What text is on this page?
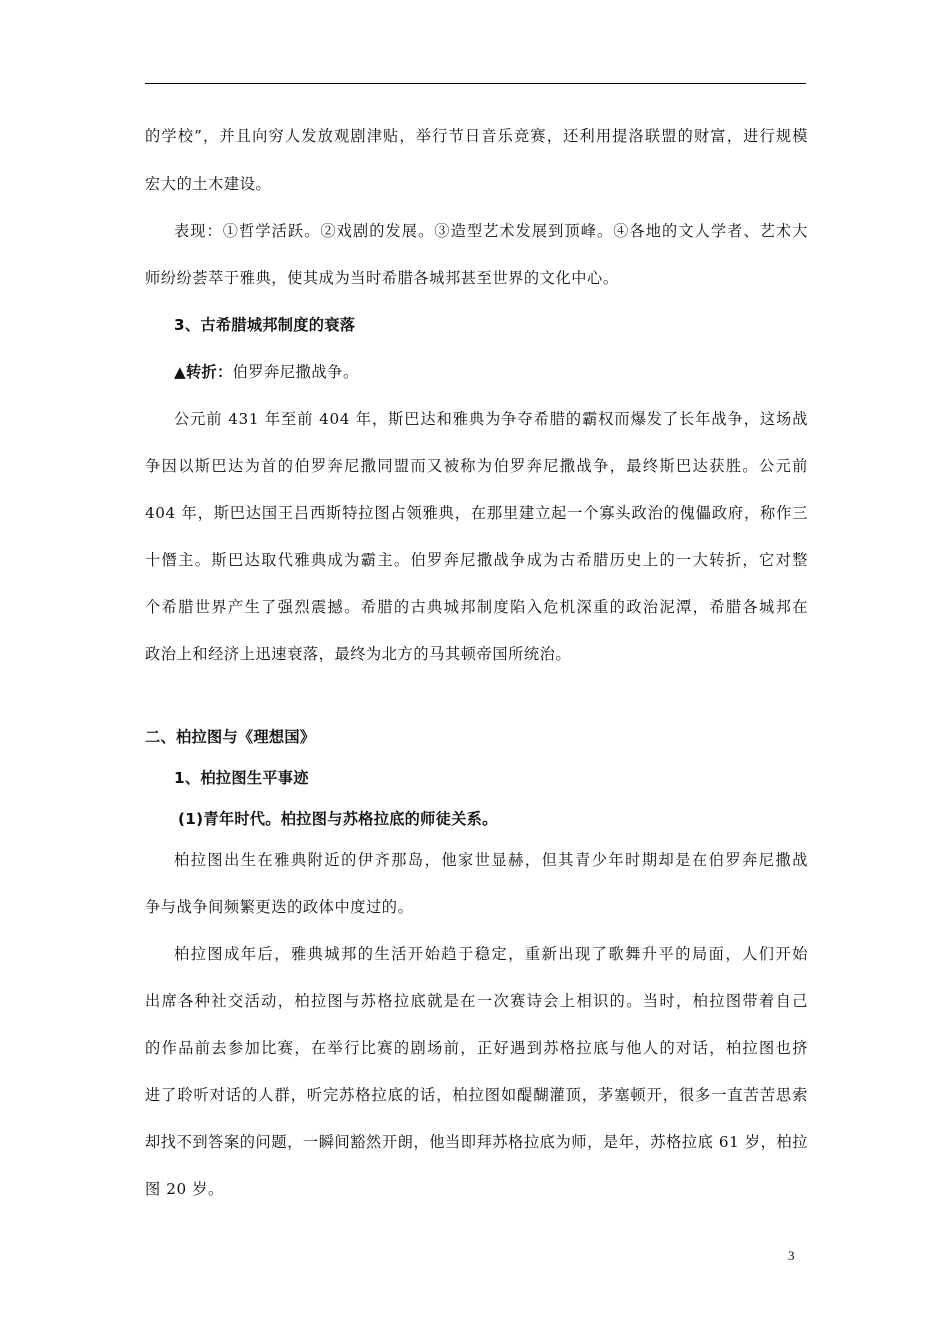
的学校”，并且向穷人发放观剧津贴，举行节日音乐竞赛，还利用提洛联盟的财富，进行规模
宏大的土木建设。
表现：①哲学活跃。②戏剧的发展。③造型艺术发展到顶峰。④各地的文人学者、艺术大
师纷纷荟萃于雅典，使其成为当时希腊各城邦甚至世界的文化中心。
3、古希腊城邦制度的衰落
▲转折：伯罗奔尼撒战争。
公元前 431 年至前 404 年，斯巴达和雅典为争夺希腊的霸权而爆发了长年战争，这场战
争因以斯巴达为首的伯罗奔尼撒同盟而又被称为伯罗奔尼撒战争，最终斯巴达获胜。公元前
404 年，斯巴达国王吕西斯特拉图占领雅典，在那里建立起一个寡头政治的傀儡政府，称作三
十僭主。斯巴达取代雅典成为霸主。伯罗奔尼撒战争成为古希腊历史上的一大转折，它对整
个希腊世界产生了强烈震撼。希腊的古典城邦制度陷入危机深重的政治泥潭，希腊各城邦在
政治上和经济上迅速衰落，最终为北方的马其顿帝国所统治。
二、柏拉图与《理想国》
1、柏拉图生平事迹
(1)青年时代。柏拉图与苏格拉底的师徒关系。
柏拉图出生在雅典附近的伊齐那岛，他家世显赫，但其青少年时期却是在伯罗奔尼撒战
争与战争间频繁更迭的政体中度过的。
柏拉图成年后，雅典城邦的生活开始趋于稳定，重新出现了歌舞升平的局面，人们开始
出席各种社交活动，柏拉图与苏格拉底就是在一次赛诗会上相识的。当时，柏拉图带着自己
的作品前去参加比赛，在举行比赛的剧场前，正好遇到苏格拉底与他人的对话，柏拉图也挤
进了聆听对话的人群，听完苏格拉底的话，柏拉图如醍醐灌顶，茅塞顿开，很多一直苦苦思索
却找不到答案的问题，一瞬间豁然开朗，他当即拜苏格拉底为师，是年，苏格拉底 61 岁，柏拉
图 20 岁。
3
